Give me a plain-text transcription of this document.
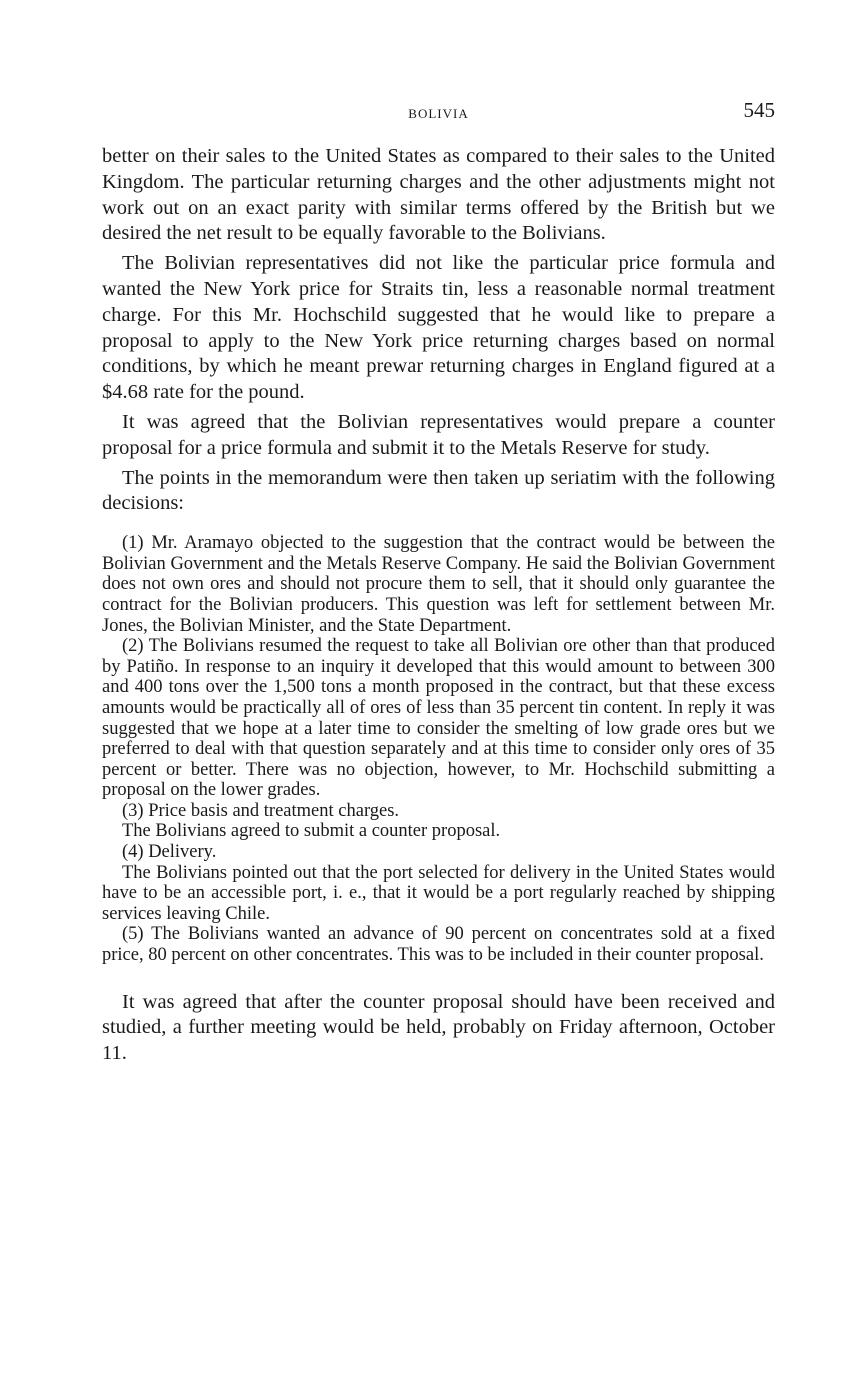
BOLIVIA	545

better on their sales to the United States as compared to their sales to the United Kingdom. The particular returning charges and the other adjustments might not work out on an exact parity with similar terms offered by the British but we desired the net result to be equally favorable to the Bolivians.

The Bolivian representatives did not like the particular price formula and wanted the New York price for Straits tin, less a reasonable normal treatment charge. For this Mr. Hochschild suggested that he would like to prepare a proposal to apply to the New York price returning charges based on normal conditions, by which he meant prewar returning charges in England figured at a $4.68 rate for the pound.

It was agreed that the Bolivian representatives would prepare a counter proposal for a price formula and submit it to the Metals Reserve for study.

The points in the memorandum were then taken up seriatim with the following decisions:

(1) Mr. Aramayo objected to the suggestion that the contract would be between the Bolivian Government and the Metals Reserve Company. He said the Bolivian Government does not own ores and should not procure them to sell, that it should only guarantee the contract for the Bolivian producers. This question was left for settlement between Mr. Jones, the Bolivian Minister, and the State Department.

(2) The Bolivians resumed the request to take all Bolivian ore other than that produced by Patiño. In response to an inquiry it developed that this would amount to between 300 and 400 tons over the 1,500 tons a month proposed in the contract, but that these excess amounts would be practically all of ores of less than 35 percent tin content. In reply it was suggested that we hope at a later time to consider the smelting of low grade ores but we preferred to deal with that question separately and at this time to consider only ores of 35 percent or better. There was no objection, however, to Mr. Hochschild submitting a proposal on the lower grades.

(3) Price basis and treatment charges.

The Bolivians agreed to submit a counter proposal.

(4) Delivery.

The Bolivians pointed out that the port selected for delivery in the United States would have to be an accessible port, i. e., that it would be a port regularly reached by shipping services leaving Chile.

(5) The Bolivians wanted an advance of 90 percent on concentrates sold at a fixed price, 80 percent on other concentrates. This was to be included in their counter proposal.

It was agreed that after the counter proposal should have been received and studied, a further meeting would be held, probably on Friday afternoon, October 11.
